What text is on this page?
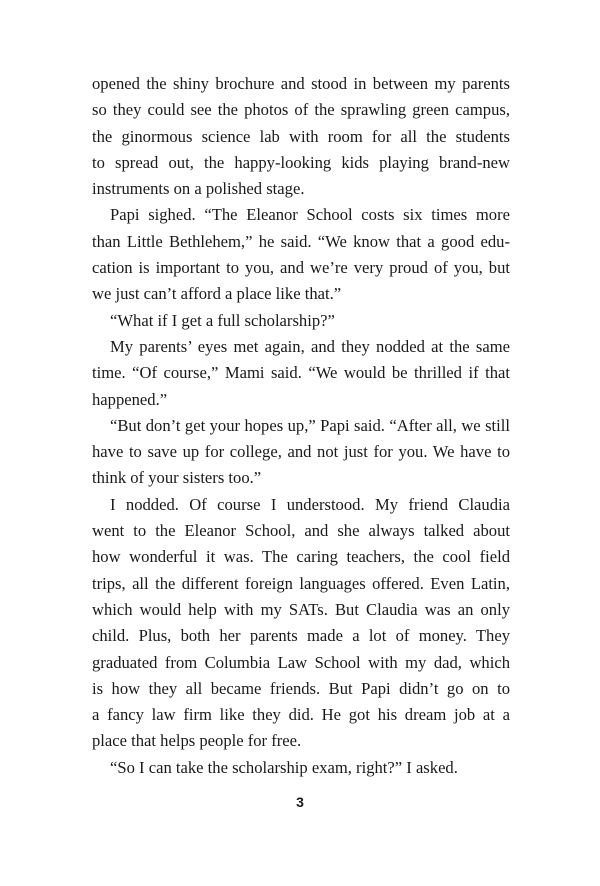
opened the shiny brochure and stood in between my parents
so they could see the photos of the sprawling green campus,
the ginormous science lab with room for all the students
to spread out, the happy-looking kids playing brand-new
instruments on a polished stage.
Papi sighed. “The Eleanor School costs six times more
than Little Bethlehem,” he said. “We know that a good edu-
cation is important to you, and we’re very proud of you, but
we just can’t afford a place like that.”
“What if I get a full scholarship?”
My parents’ eyes met again, and they nodded at the same
time. “Of course,” Mami said. “We would be thrilled if that
happened.”
“But don’t get your hopes up,” Papi said. “After all, we still
have to save up for college, and not just for you. We have to
think of your sisters too.”
I nodded. Of course I understood. My friend Claudia
went to the Eleanor School, and she always talked about
how wonderful it was. The caring teachers, the cool field
trips, all the different foreign languages offered. Even Latin,
which would help with my SATs. But Claudia was an only
child. Plus, both her parents made a lot of money. They
graduated from Columbia Law School with my dad, which
is how they all became friends. But Papi didn’t go on to
a fancy law firm like they did. He got his dream job at a
place that helps people for free.
“So I can take the scholarship exam, right?” I asked.
3
